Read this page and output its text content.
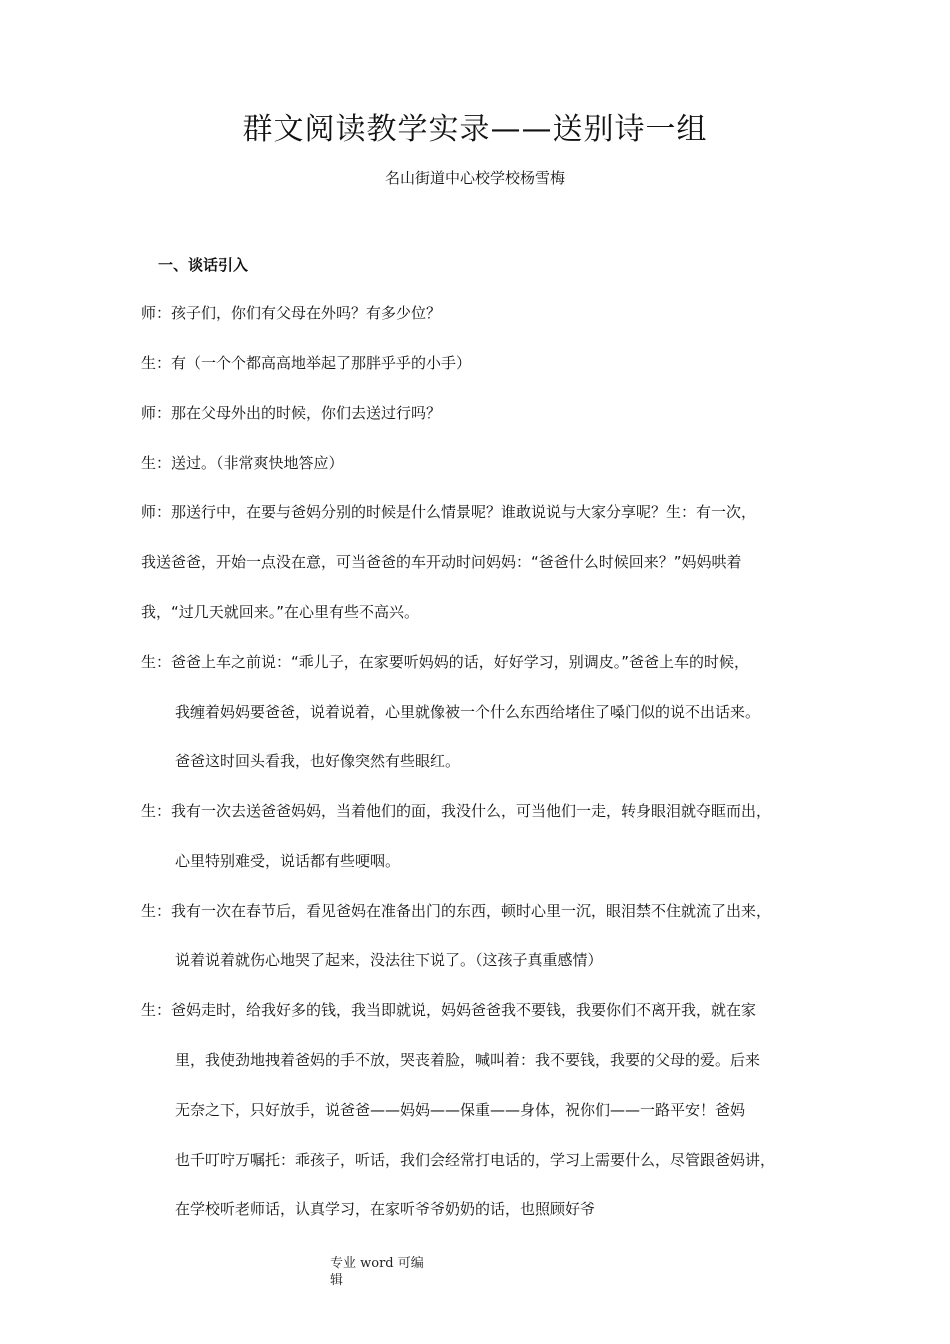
群文阅读教学实录——送别诗一组
名山街道中心校学校杨雪梅
一、谈话引入
师：孩子们，你们有父母在外吗？有多少位？
生：有（一个个都高高地举起了那胖乎乎的小手）
师：那在父母外出的时候，你们去送过行吗？
生：送过。（非常爽快地答应）
师：那送行中，在要与爸妈分别的时候是什么情景呢？谁敢说说与大家分享呢？生：有一次，
我送爸爸，开始一点没在意，可当爸爸的车开动时问妈妈：“爸爸什么时候回来？”妈妈哄着
我，“过几天就回来。”在心里有些不高兴。
生：爸爸上车之前说：“乖儿子，在家要听妈妈的话，好好学习，别调皮。”爸爸上车的时候，
我缠着妈妈要爸爸，说着说着，心里就像被一个什么东西给堵住了嗓门似的说不出话来。
爸爸这时回头看我，也好像突然有些眼红。
生：我有一次去送爸爸妈妈，当着他们的面，我没什么，可当他们一走，转身眼泪就夺眶而出，
心里特别难受，说话都有些哽咽。
生：我有一次在春节后，看见爸妈在准备出门的东西，顿时心里一沉，眼泪禁不住就流了出来，
说着说着就伤心地哭了起来，没法往下说了。（这孩子真重感情）
生：爸妈走时，给我好多的钱，我当即就说，妈妈爸爸我不要钱，我要你们不离开我，就在家
里，我使劲地拽着爸妈的手不放，哭丧着脸，喊叫着：我不要钱，我要的父母的爱。后来
无奈之下，只好放手，说爸爸——妈妈——保重——身体，祝你们——一路平安！爸妈
也千叮咛万嘱托：乖孩子，听话，我们会经常打电话的，学习上需要什么，尽管跟爸妈讲，
在学校听老师话，认真学习，在家听爷爷奶奶的话，也照顾好爷
专业 word 可编
辑
